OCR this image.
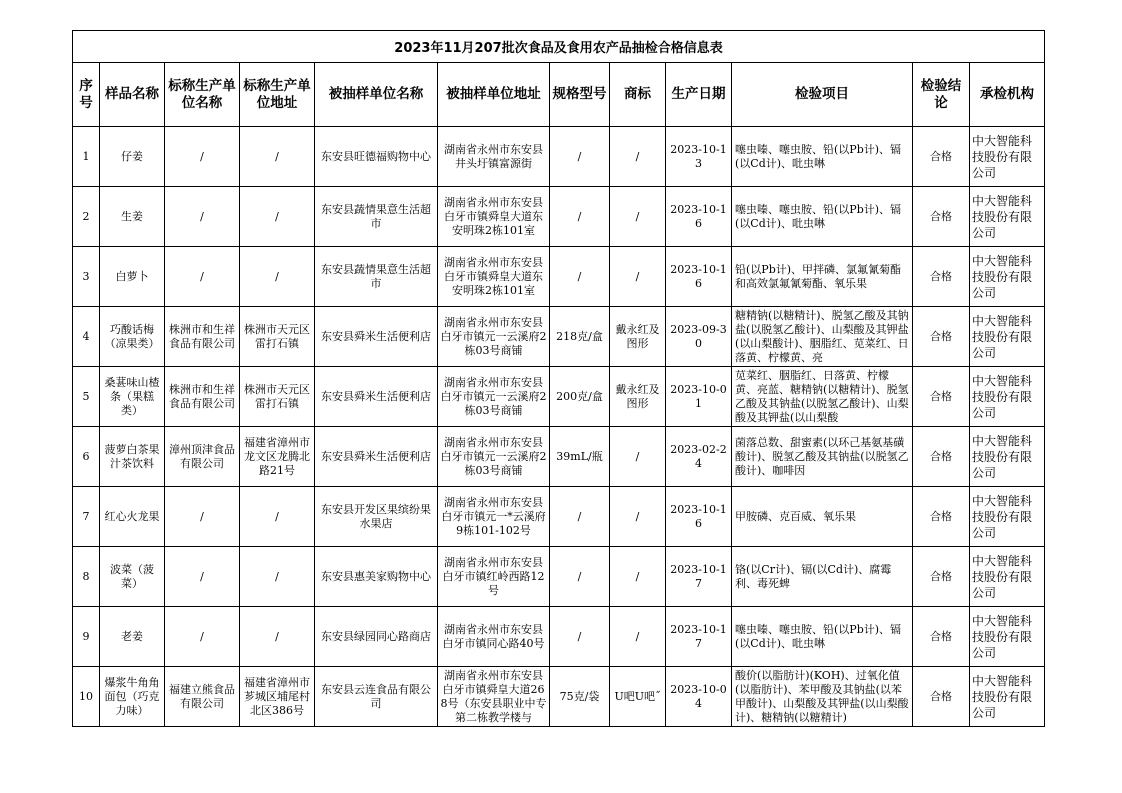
2023年11月207批次食品及食用农产品抽检合格信息表											
序号	样品名称	标称生产单位名称	标称生产单位地址	被抽样单位名称	被抽样单位地址	规格型号	商标	生产日期	检验项目	检验结论	承检机构

1	仔姜	/	/	东安县旺德福购物中心	湖南省永州市东安县井头圩镇富源街	/	/	2023-10-13	噻虫嗪、噻虫胺、铅(以Pb计)、镉(以Cd计)、吡虫啉	合格	中大智能科技股份有限公司

2	生姜	/	/	东安县蔬情果意生活超市	湖南省永州市东安县白牙市镇舜皇大道东安明珠2栋101室	/	/	2023-10-16	噻虫嗪、噻虫胺、铅(以Pb计)、镉(以Cd计)、吡虫啉	合格	中大智能科技股份有限公司

3	白萝卜	/	/	东安县蔬情果意生活超市	湖南省永州市东安县白牙市镇舜皇大道东安明珠2栋101室	/	/	2023-10-16	铅(以Pb计)、甲拌磷、氯氟氰菊酯和高效氯氟氰菊酯、氧乐果	合格	中大智能科技股份有限公司

4	巧酸话梅（凉果类）	株洲市和生祥食品有限公司	株洲市天元区雷打石镇	东安县舜米生活便利店	湖南省永州市东安县白牙市镇元一云溪府2栋03号商铺	218克/盒	戴永红及图形	2023-09-30	糖精钠(以糖精计)、脱氢乙酸及其钠盐(以脱氢乙酸计)、山梨酸及其钾盐(以山梨酸计)、胭脂红、苋菜红、日落黄、柠檬黄、亮	合格	中大智能科技股份有限公司

5	桑葚味山楂条（果糕类）	株洲市和生祥食品有限公司	株洲市天元区雷打石镇	东安县舜米生活便利店	湖南省永州市东安县白牙市镇元一云溪府2栋03号商铺	200克/盒	戴永红及图形	2023-10-01	苋菜红、胭脂红、日落黄、柠檬黄、亮蓝、糖精钠(以糖精计)、脱氢乙酸及其钠盐(以脱氢乙酸计)、山梨酸及其钾盐(以山梨酸	合格	中大智能科技股份有限公司

6	菠萝白茶果汁茶饮料	漳州顶津食品有限公司	福建省漳州市龙文区龙腾北路21号	东安县舜米生活便利店	湖南省永州市东安县白牙市镇元一云溪府2栋03号商铺	39mL/瓶	/	2023-02-24	菌落总数、甜蜜素(以环己基氨基磺酸计)、脱氢乙酸及其钠盐(以脱氢乙酸计)、咖啡因	合格	中大智能科技股份有限公司

7	红心火龙果	/	/	东安县开发区果缤纷果水果店	湖南省永州市东安县白牙市镇元一*云溪府9栋101-102号	/	/	2023-10-16	甲胺磷、克百威、氧乐果	合格	中大智能科技股份有限公司

8	波菜（菠菜）	/	/	东安县惠美家购物中心	湖南省永州市东安县白牙市镇红岭西路12号	/	/	2023-10-17	铬(以Cr计)、镉(以Cd计)、腐霉利、毒死蜱	合格	中大智能科技股份有限公司

9	老姜	/	/	东安县绿园同心路商店	湖南省永州市东安县白牙市镇同心路40号	/	/	2023-10-17	噻虫嗪、噻虫胺、铅(以Pb计)、镉(以Cd计)、吡虫啉	合格	中大智能科技股份有限公司

10	爆浆牛角角面包（巧克力味）	福建立熊食品有限公司	福建省漳州市芗城区埔尾村北区386号	东安县云连食品有限公司	湖南省永州市东安县白牙市镇舜皇大道268号（东安县职业中专第二栋教学楼与	75克/袋	U吧U吧˝	2023-10-04	酸价(以脂肪计)(KOH)、过氧化值(以脂肪计)、苯甲酸及其钠盐(以苯甲酸计)、山梨酸及其钾盐(以山梨酸计)、糖精钠(以糖精计)	合格	中大智能科技股份有限公司
